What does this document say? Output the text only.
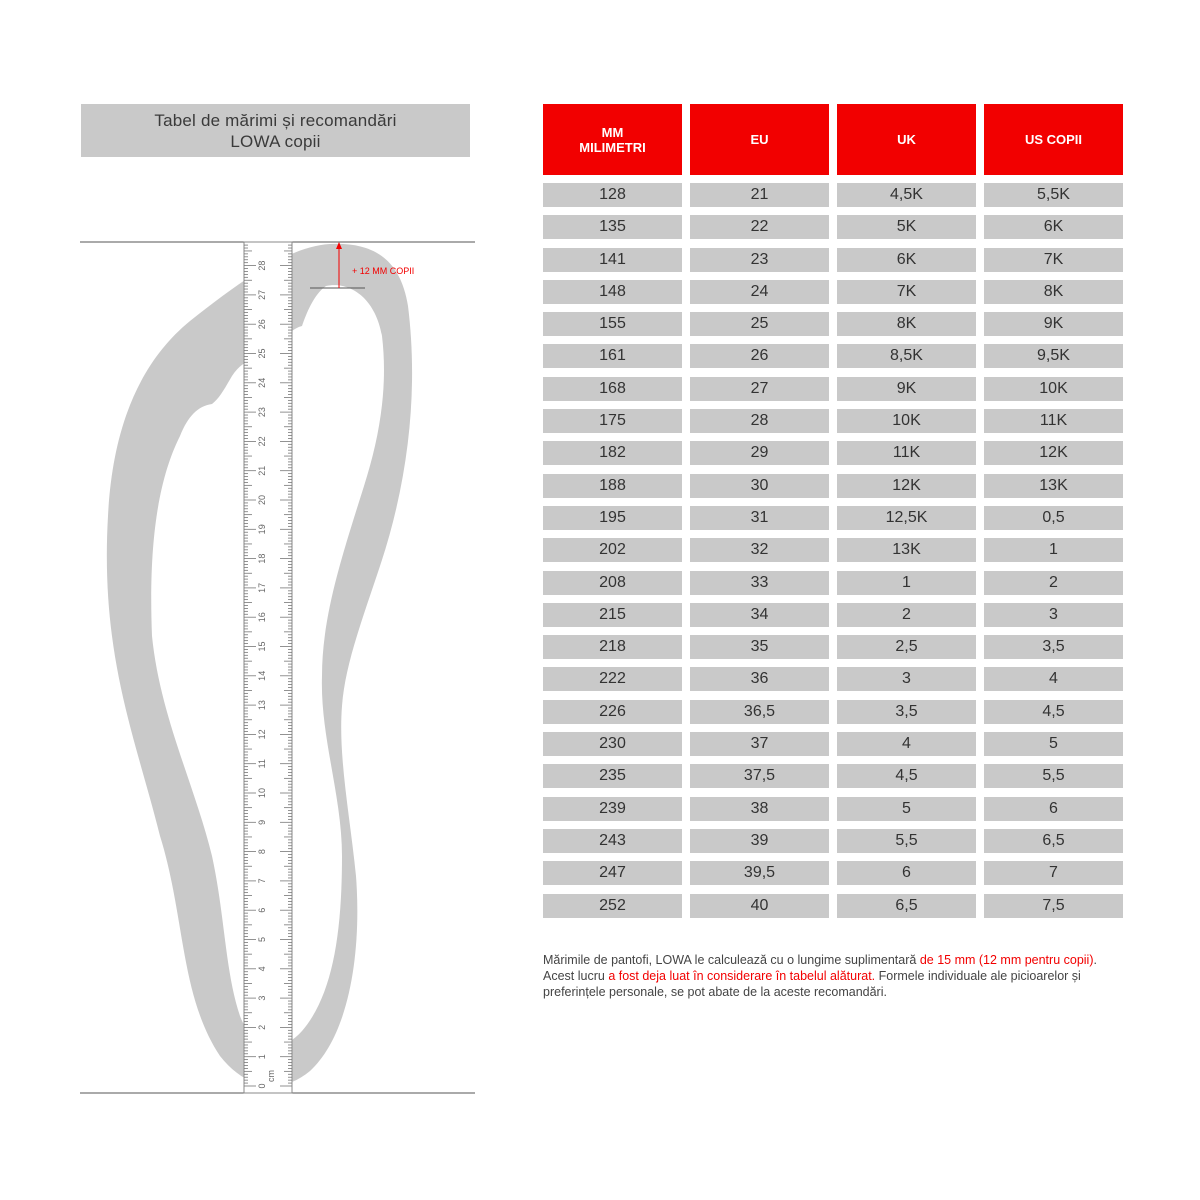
Tabel de mărimi și recomandări
LOWA copii
0
1
2
3
4
5
6
7
8
9
10
11
12
13
14
15
16
17
18
19
20
21
22
23
24
25
26
27
28
cm
+ 12 MM COPII
MM
MILIMETRI	EU	UK	US COPII
128	21	4,5K	5,5K
135	22	5K	6K
141	23	6K	7K
148	24	7K	8K
155	25	8K	9K
161	26	8,5K	9,5K
168	27	9K	10K
175	28	10K	11K
182	29	11K	12K
188	30	12K	13K
195	31	12,5K	0,5
202	32	13K	1
208	33	1	2
215	34	2	3
218	35	2,5	3,5
222	36	3	4
226	36,5	3,5	4,5
230	37	4	5
235	37,5	4,5	5,5
239	38	5	6
243	39	5,5	6,5
247	39,5	6	7
252	40	6,5	7,5
Mărimile de pantofi, LOWA le calculează cu o lungime suplimentară de 15 mm (12 mm pentru copii). Acest lucru a fost deja luat în considerare în tabelul alăturat. Formele individuale ale picioarelor și preferințele personale, se pot abate de la aceste recomandări.
